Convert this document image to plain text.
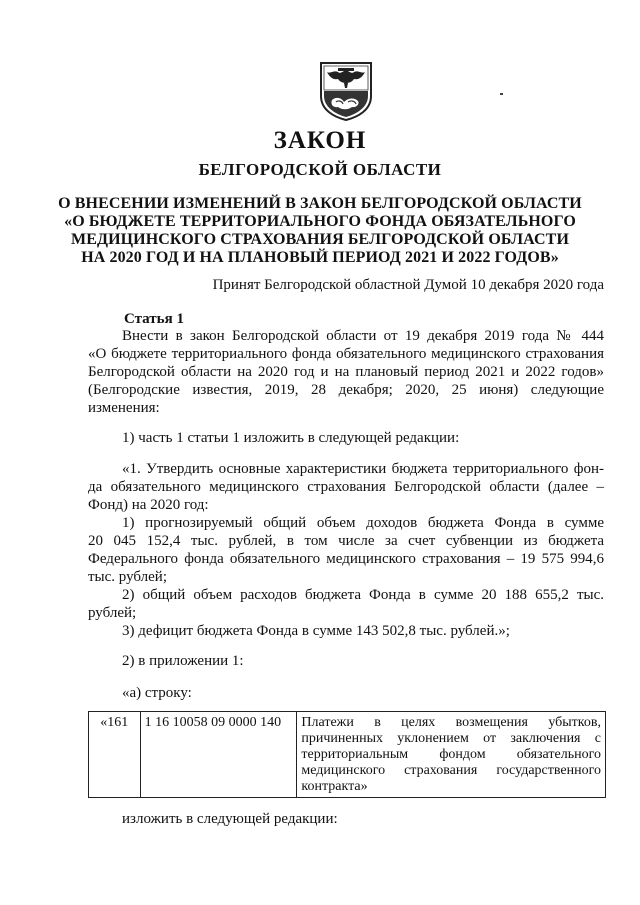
ЗАКОН
БЕЛГОРОДСКОЙ ОБЛАСТИ
О ВНЕСЕНИИ ИЗМЕНЕНИЙ В ЗАКОН БЕЛГОРОДСКОЙ ОБЛАСТИ
«О БЮДЖЕТЕ ТЕРРИТОРИАЛЬНОГО ФОНДА ОБЯЗАТЕЛЬНОГО
МЕДИЦИНСКОГО СТРАХОВАНИЯ БЕЛГОРОДСКОЙ ОБЛАСТИ
НА 2020 ГОД И НА ПЛАНОВЫЙ ПЕРИОД 2021 И 2022 ГОДОВ»
Принят Белгородской областной Думой 10 декабря 2020 года
Статья 1
Внести в закон Белгородской области от 19 декабря 2019 года № 444
«О бюджете территориального фонда обязательного медицинского страхования
Белгородской области на 2020 год и на плановый период 2021 и 2022 годов»
(Белгородские известия, 2019, 28 декабря; 2020, 25 июня) следующие
изменения:
1) часть 1 статьи 1 изложить в следующей редакции:
«1. Утвердить основные характеристики бюджета территориального фон-
да обязательного медицинского страхования Белгородской области (далее –
Фонд) на 2020 год:
1) прогнозируемый общий объем доходов бюджета Фонда в сумме
20 045 152,4 тыс. рублей, в том числе за счет субвенции из бюджета
Федерального фонда обязательного медицинского страхования – 19 575 994,6
тыс. рублей;
2) общий объем расходов бюджета Фонда в сумме 20 188 655,2 тыс.
рублей;
3) дефицит бюджета Фонда в сумме 143 502,8 тыс. рублей.»;
2) в приложении 1:
«а) строку:
«161	1 16 10058 09 0000 140	Платежи в целях возмещения убытков,
причиненных уклонением от заключения с
территориальным фондом обязательного
медицинского страхования государственного
контракта»
изложить в следующей редакции:
